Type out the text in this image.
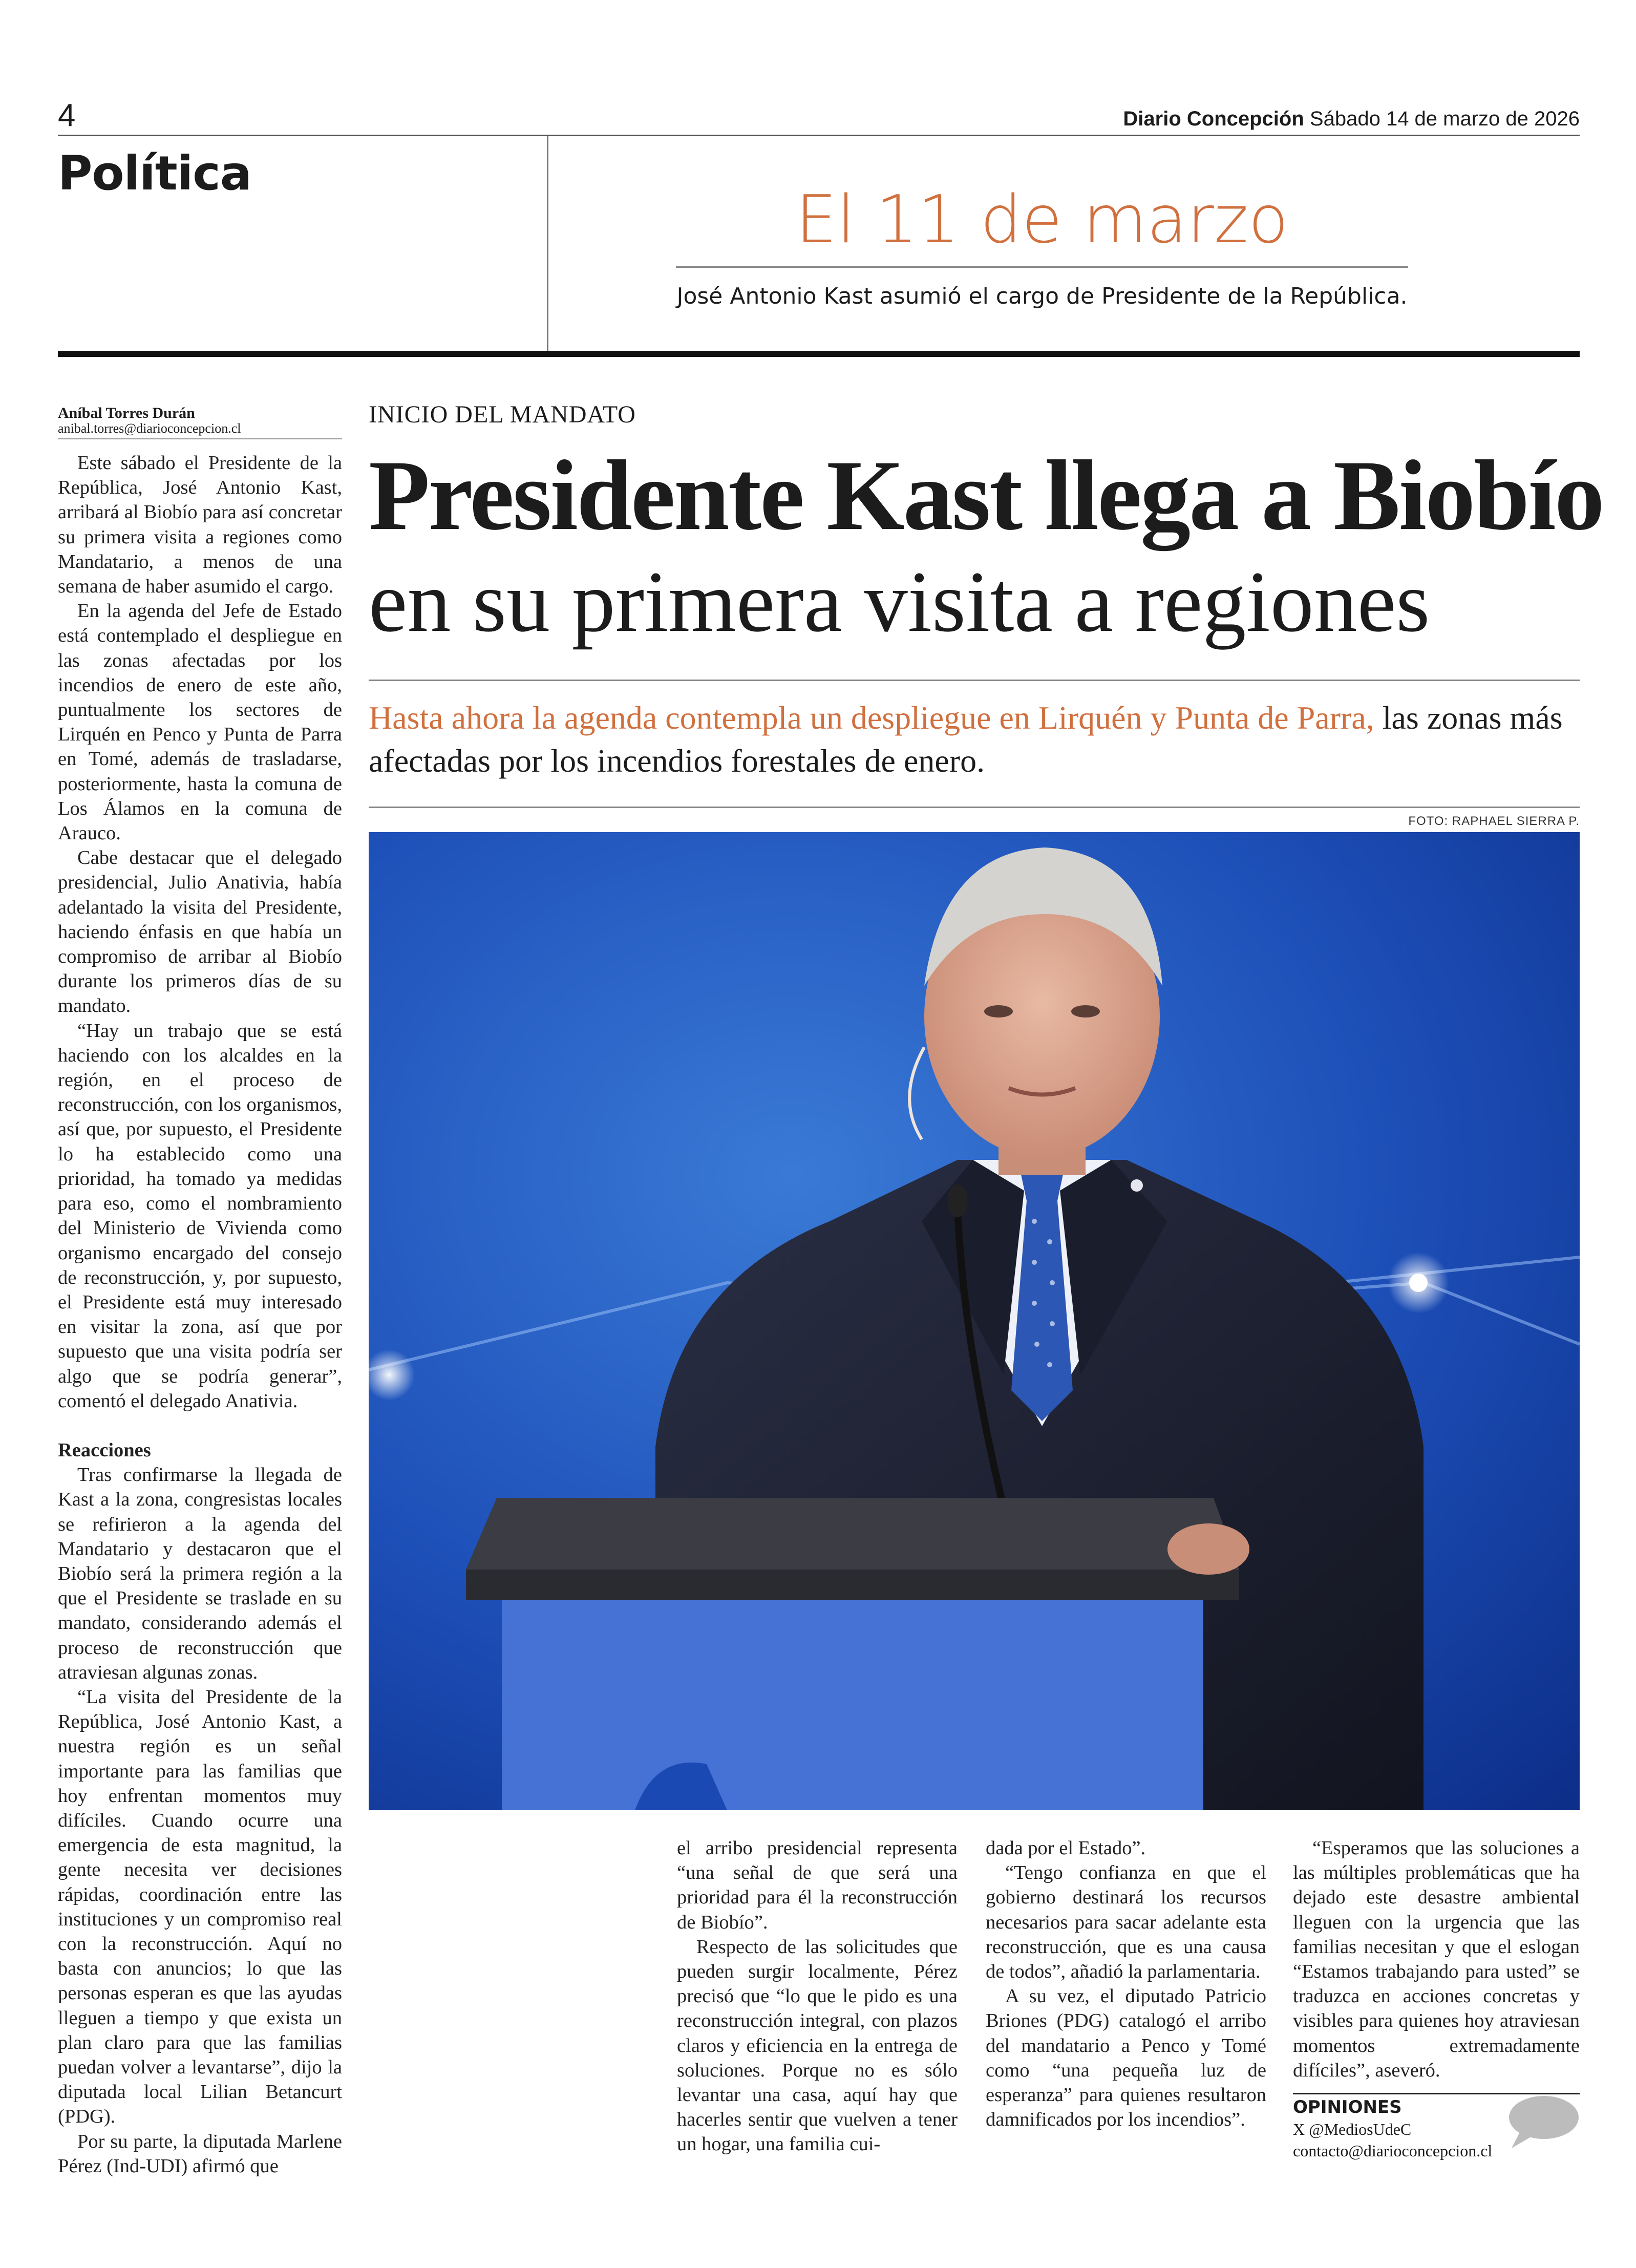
4	Diario Concepción Sábado 14 de marzo de 2026
Política
El 11 de marzo
José Antonio Kast asumió el cargo de Presidente de la República.
Aníbal Torres Durán
anibal.torres@diarioconcepcion.cl

Este sábado el Presidente de la República, José Antonio Kast, arribará al Biobío para así concretar su primera visita a regiones como Mandatario, a menos de una semana de haber asumido el cargo.

En la agenda del Jefe de Estado está contemplado el despliegue en las zonas afectadas por los incendios de enero de este año, puntualmente los sectores de Lirquén en Penco y Punta de Parra en Tomé, además de trasladarse, posteriormente, hasta la comuna de Los Álamos en la comuna de Arauco.

Cabe destacar que el delegado presidencial, Julio Anativia, había adelantado la visita del Presidente, haciendo énfasis en que había un compromiso de arribar al Biobío durante los primeros días de su mandato.

“Hay un trabajo que se está haciendo con los alcaldes en la región, en el proceso de reconstrucción, con los organismos, así que, por supuesto, el Presidente lo ha establecido como una prioridad, ha tomado ya medidas para eso, como el nombramiento del Ministerio de Vivienda como organismo encargado del consejo de reconstrucción, y, por supuesto, el Presidente está muy interesado en visitar la zona, así que por supuesto que una visita podría ser algo que se podría generar”, comentó el delegado Anativia.

Reacciones

Tras confirmarse la llegada de Kast a la zona, congresistas locales se refirieron a la agenda del Mandatario y destacaron que el Biobío será la primera región a la que el Presidente se traslade en su mandato, considerando además el proceso de reconstrucción que atraviesan algunas zonas.

“La visita del Presidente de la República, José Antonio Kast, a nuestra región es un señal importante para las familias que hoy enfrentan momentos muy difíciles. Cuando ocurre una emergencia de esta magnitud, la gente necesita ver decisiones rápidas, coordinación entre las instituciones y un compromiso real con la reconstrucción. Aquí no basta con anuncios; lo que las personas esperan es que las ayudas lleguen a tiempo y que exista un plan claro para que las familias puedan volver a levantarse”, dijo la diputada local Lilian Betancurt (PDG).

Por su parte, la diputada Marlene Pérez (Ind-UDI) afirmó que

INICIO DEL MANDATO
Presidente Kast llega a Biobío
en su primera visita a regiones
Hasta ahora la agenda contempla un despliegue en Lirquén y Punta de Parra, las zonas más afectadas por los incendios forestales de enero.
FOTO: RAPHAEL SIERRA P.

el arribo presidencial representa “una señal de que será una prioridad para él la reconstrucción de Biobío”.

Respecto de las solicitudes que pueden surgir localmente, Pérez precisó que “lo que le pido es una reconstrucción integral, con plazos claros y eficiencia en la entrega de soluciones. Porque no es sólo levantar una casa, aquí hay que hacerles sentir que vuelven a tener un hogar, una familia cui-

dada por el Estado”.

“Tengo confianza en que el gobierno destinará los recursos necesarios para sacar adelante esta reconstrucción, que es una causa de todos”, añadió la parlamentaria.

A su vez, el diputado Patricio Briones (PDG) catalogó el arribo del mandatario a Penco y Tomé como “una pequeña luz de esperanza” para quienes resultaron damnificados por los incendios”.

“Esperamos que las soluciones a las múltiples problemáticas que ha dejado este desastre ambiental lleguen con la urgencia que las familias necesitan y que el eslogan “Estamos trabajando para usted” se traduzca en acciones concretas y visibles para quienes hoy atraviesan momentos extremadamente difíciles”, aseveró.

OPINIONES
X @MediosUdeC
contacto@diarioconcepcion.cl
